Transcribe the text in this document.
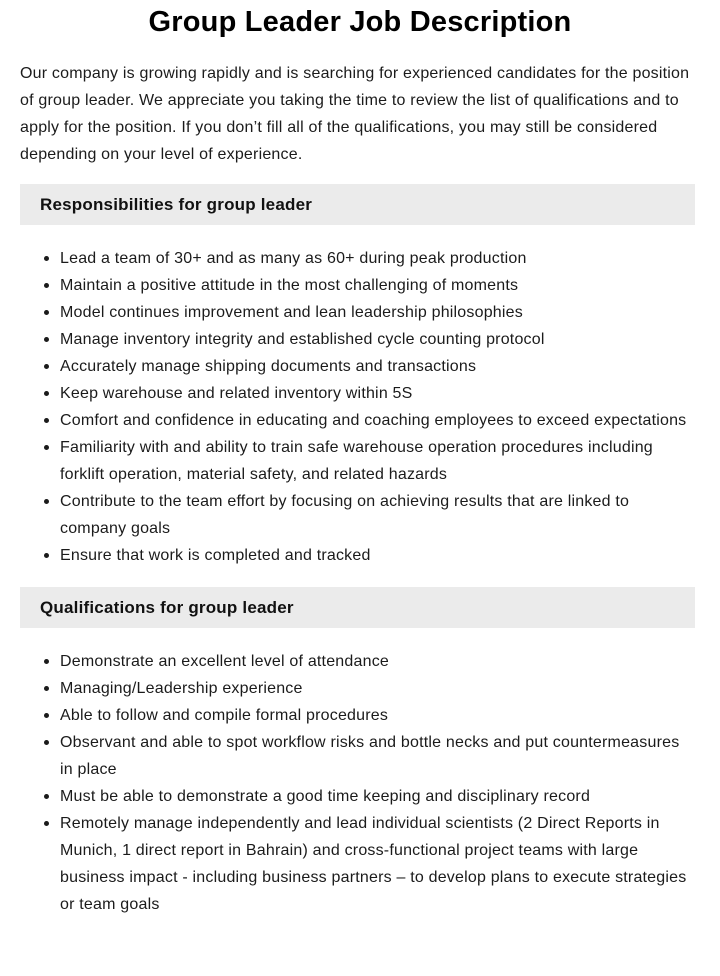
Group Leader Job Description

Our company is growing rapidly and is searching for experienced candidates for the position of group leader. We appreciate you taking the time to review the list of qualifications and to apply for the position. If you don’t fill all of the qualifications, you may still be considered depending on your level of experience.

Responsibilities for group leader
Lead a team of 30+ and as many as 60+ during peak production
Maintain a positive attitude in the most challenging of moments
Model continues improvement and lean leadership philosophies
Manage inventory integrity and established cycle counting protocol
Accurately manage shipping documents and transactions
Keep warehouse and related inventory within 5S
Comfort and confidence in educating and coaching employees to exceed expectations
Familiarity with and ability to train safe warehouse operation procedures including forklift operation, material safety, and related hazards
Contribute to the team effort by focusing on achieving results that are linked to company goals
Ensure that work is completed and tracked
Qualifications for group leader
Demonstrate an excellent level of attendance
Managing/Leadership experience
Able to follow and compile formal procedures
Observant and able to spot workflow risks and bottle necks and put countermeasures in place
Must be able to demonstrate a good time keeping and disciplinary record
Remotely manage independently and lead individual scientists (2 Direct Reports in Munich, 1 direct report in Bahrain) and cross-functional project teams with large business impact - including business partners – to develop plans to execute strategies or team goals
